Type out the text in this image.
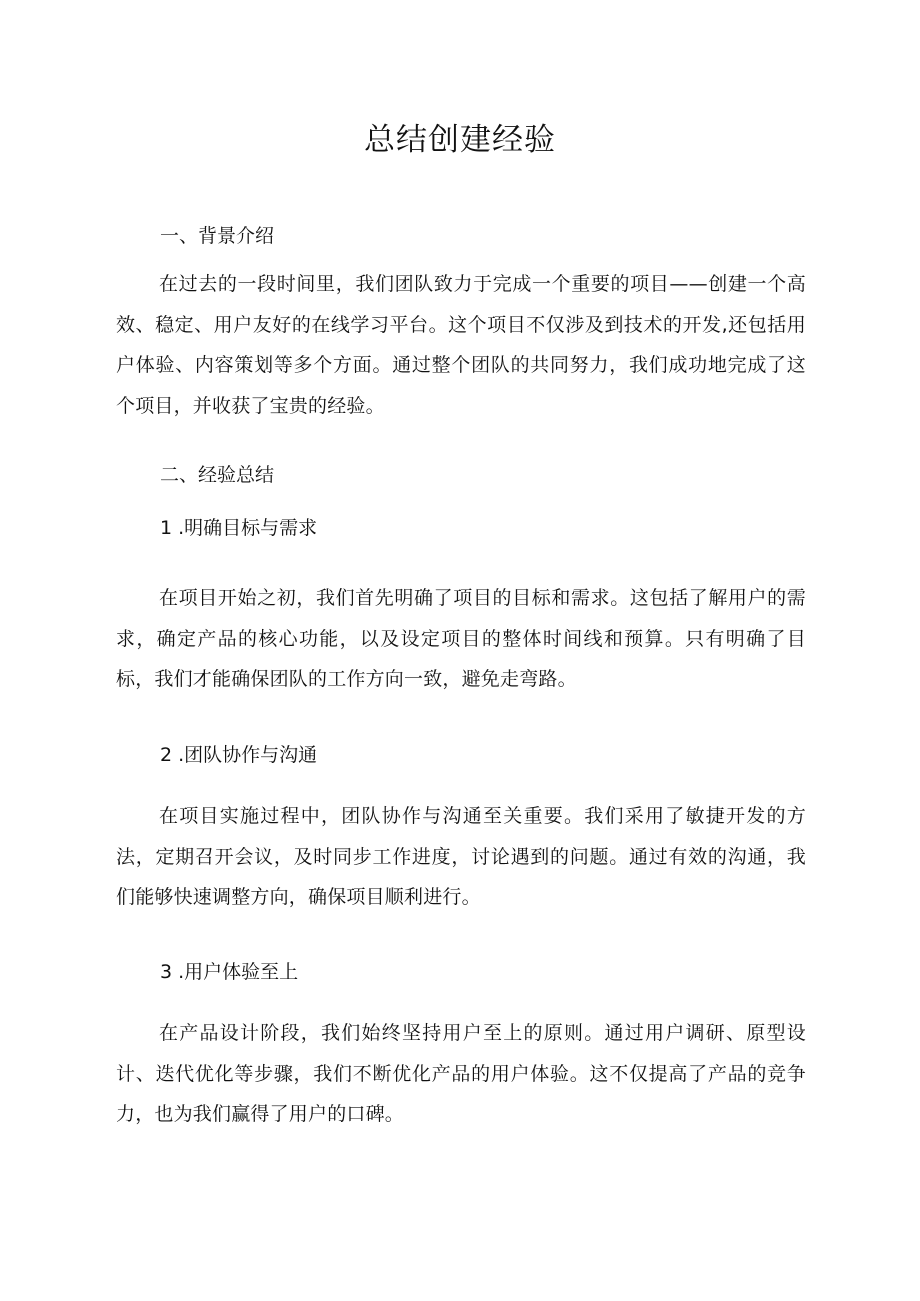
总结创建经验
一、背景介绍
在过去的一段时间里，我们团队致力于完成一个重要的项目——创建一个高效、稳定、用户友好的在线学习平台。这个项目不仅涉及到技术的开发,还包括用户体验、内容策划等多个方面。通过整个团队的共同努力，我们成功地完成了这个项目，并收获了宝贵的经验。
二、经验总结
1 .明确目标与需求
在项目开始之初，我们首先明确了项目的目标和需求。这包括了解用户的需求，确定产品的核心功能，以及设定项目的整体时间线和预算。只有明确了目标，我们才能确保团队的工作方向一致，避免走弯路。
2 .团队协作与沟通
在项目实施过程中，团队协作与沟通至关重要。我们采用了敏捷开发的方法，定期召开会议，及时同步工作进度，讨论遇到的问题。通过有效的沟通，我们能够快速调整方向，确保项目顺利进行。
3 .用户体验至上
在产品设计阶段，我们始终坚持用户至上的原则。通过用户调研、原型设计、迭代优化等步骤，我们不断优化产品的用户体验。这不仅提高了产品的竞争力，也为我们赢得了用户的口碑。
